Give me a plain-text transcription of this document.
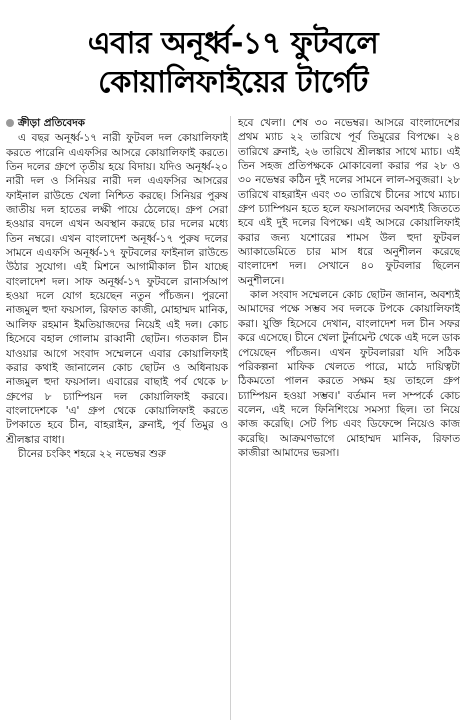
এবার অনূর্ধ্ব-১৭ ফুটবলে
কোয়ালিফাইয়ের টার্গেট
ক্রীড়া প্রতিবেদক

এ বছর অনূর্ধ্ব-১৭ নারী ফুটবল দল কোয়ালিফাই করতে পারেনি এএফসির আসরে কোয়ালিফাই করতে। তিন দলের গ্রুপে তৃতীয় হয়ে বিদায়। যদিও অনূর্ধ্ব-২০ নারী দল ও সিনিয়র নারী দল এএফসির আসরের ফাইনাল রাউন্ডে খেলা নিশ্চিত করছে। সিনিয়র পুরুষ জাতীয় দল হাতের লক্ষী পায়ে ঠেলেছে। গ্রুপ সেরা হওয়ার বদলে এখন অবস্থান করছে চার দলের মধ্যে তিন নম্বরে। এখন বাংলাদেশ অনূর্ধ্ব-১৭ পুরুষ দলের সামনে এএফসি অনূর্ধ্ব-১৭ ফুটবলের ফাইনাল রাউন্ডে উঠার সুযোগ। এই মিশনে আগামীকাল চীন যাচ্ছে বাংলাদেশ দল। সাফ অনূর্ধ্ব-১৭ ফুটবলে রানার্সআপ হওয়া দলে যোগ হয়েছেন নতুন পাঁচজন। পুরনো নাজমুল হুদা ফয়সাল, রিফাত কাজী, মোহাম্মদ মানিক, আলিফ রহমান ইমতিয়াজদের নিয়েই এই দল। কোচ হিসেবে বহাল গোলাম রাব্বানী ছোটন। গতকাল চীন যাওয়ার আগে সংবাদ সম্মেলনে এবার কোয়ালিফাই করার কথাই জানালেন কোচ ছোটন ও অধিনায়ক নাজমুল হুদা ফয়সাল। এবারের বাছাই পর্ব থেকে ৮ গ্রুপের ৮ চ্যাম্পিয়ন দল কোয়ালিফাই করবে। বাংলাদেশকে 'এ' গ্রুপ থেকে কোয়ালিফাই করতে টপকাতে হবে চীন, বাহরাইন, ব্রুনাই, পূর্ব তিমুর ও শ্রীলঙ্কার বাধা।

চীনের চংকিং শহরে ২২ নভেম্বর শুরু

হবে খেলা। শেষ ৩০ নভেম্বর। আসরে বাংলাদেশের প্রথম ম্যাচ ২২ তারিখে পূর্ব তিমুরের বিপক্ষে। ২৪ তারিখে ব্রুনাই, ২৬ তারিখে শ্রীলঙ্কার সাথে ম্যাচ। এই তিন সহজ প্রতিপক্ষকে মোকাবেলা করার পর ২৮ ও ৩০ নভেম্বর কঠিন দুই দলের সামনে লাল-সবুজরা। ২৮ তারিখে বাহরাইন এবং ৩০ তারিখে চীনের সাথে ম্যাচ। গ্রুপ চ্যাম্পিয়ন হতে হলে ফয়সালদের অবশ্যই জিততে হবে এই দুই দলের বিপক্ষে। এই আসরে কোয়ালিফাই করার জন্য যশোরের শামস উল হুদা ফুটবল অ্যাকাডেমিতে চার মাস ধরে অনুশীলন করেছে বাংলাদেশ দল। সেখানে ৪০ ফুটবলার ছিলেন অনুশীলনে।

কাল সংবাদ সম্মেলনে কোচ ছোটন জানান, অবশ্যই আমাদের পক্ষে সম্ভব সব দলকে টপকে কোয়ালিফাই করা। যুক্তি হিসেবে দেখান, বাংলাদেশ দল চীন সফর করে এসেছে। চীনে খেলা টুর্নামেন্ট থেকে এই দলে ডাক পেয়েছেন পাঁচজন। এখন ফুটবলাররা যদি সঠিক পরিকল্পনা মাফিক খেলতে পারে, মাঠে দায়িত্বটা ঠিকমতো পালন করতে সক্ষম হয় তাহলে গ্রুপ চ্যাম্পিয়ন হওয়া সম্ভব।' বর্তমান দল সম্পর্কে কোচ বলেন, এই দলে ফিনিশিংয়ে সমস্যা ছিল। তা নিয়ে কাজ করেছি। সেট পিচ এবং ডিফেন্সে নিয়েও কাজ করেছি। আক্রমণভাগে মোহাম্মদ মানিক, রিফাত কাজীরা আমাদের ভরসা।
